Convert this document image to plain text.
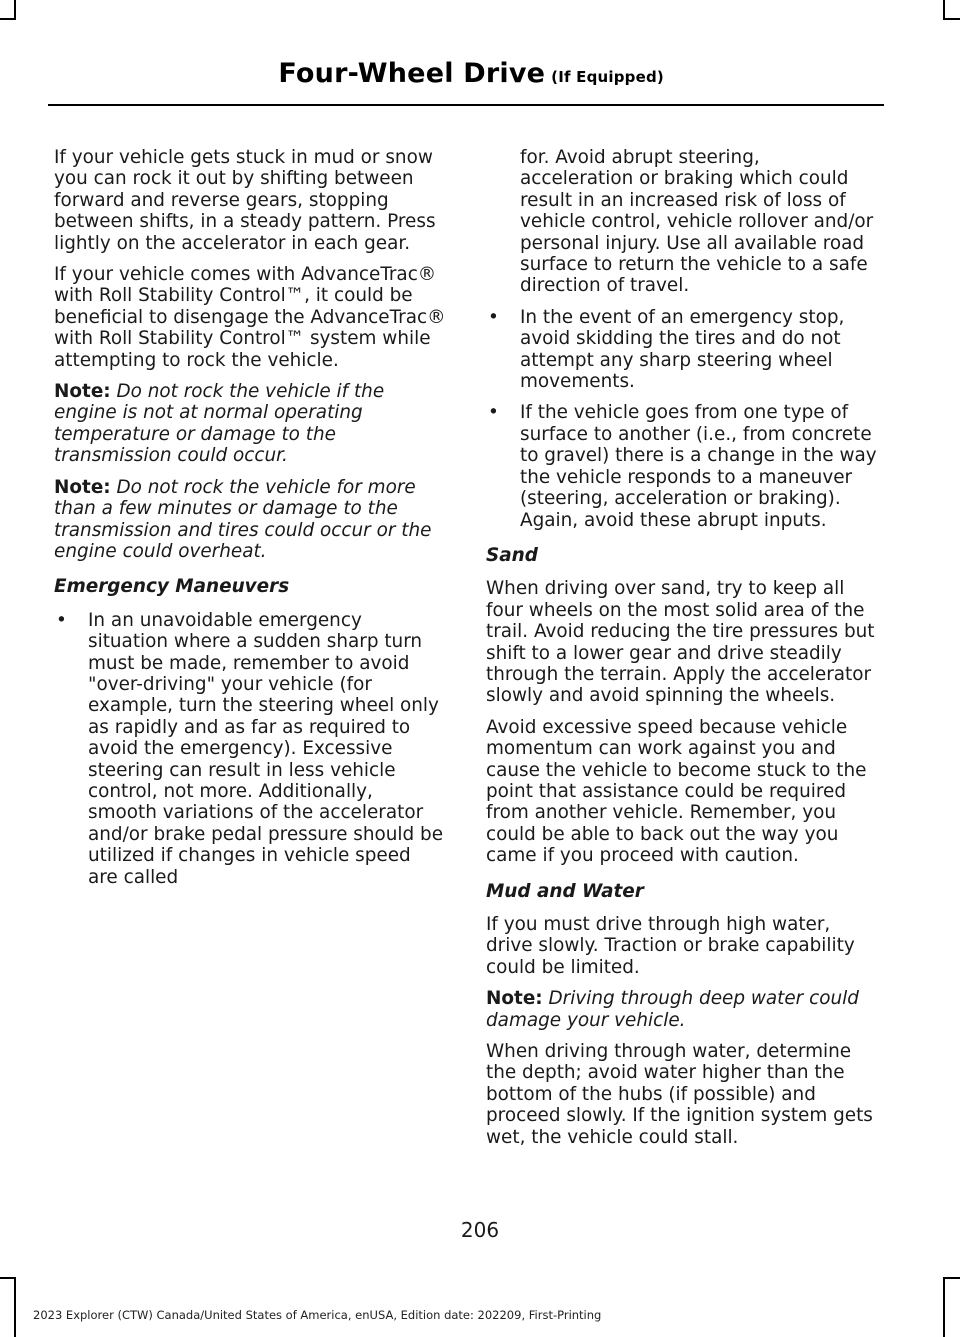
Four-Wheel Drive (If Equipped)

If your vehicle gets stuck in mud or snow you can rock it out by shifting between forward and reverse gears, stopping between shifts, in a steady pattern. Press lightly on the accelerator in each gear.

If your vehicle comes with AdvanceTrac® with Roll Stability Control™, it could be beneficial to disengage the AdvanceTrac® with Roll Stability Control™ system while attempting to rock the vehicle.

Note: Do not rock the vehicle if the engine is not at normal operating temperature or damage to the transmission could occur.

Note: Do not rock the vehicle for more than a few minutes or damage to the transmission and tires could occur or the engine could overheat.

Emergency Maneuvers
• In an unavoidable emergency situation where a sudden sharp turn must be made, remember to avoid "over-driving" your vehicle (for example, turn the steering wheel only as rapidly and as far as required to avoid the emergency). Excessive steering can result in less vehicle control, not more. Additionally, smooth variations of the accelerator and/or brake pedal pressure should be utilized if changes in vehicle speed are called

for. Avoid abrupt steering, acceleration or braking which could result in an increased risk of loss of vehicle control, vehicle rollover and/or personal injury. Use all available road surface to return the vehicle to a safe direction of travel.

• In the event of an emergency stop, avoid skidding the tires and do not attempt any sharp steering wheel movements.
• If the vehicle goes from one type of surface to another (i.e., from concrete to gravel) there is a change in the way the vehicle responds to a maneuver (steering, acceleration or braking). Again, avoid these abrupt inputs.
Sand

When driving over sand, try to keep all four wheels on the most solid area of the trail. Avoid reducing the tire pressures but shift to a lower gear and drive steadily through the terrain. Apply the accelerator slowly and avoid spinning the wheels.

Avoid excessive speed because vehicle momentum can work against you and cause the vehicle to become stuck to the point that assistance could be required from another vehicle. Remember, you could be able to back out the way you came if you proceed with caution.

Mud and Water

If you must drive through high water, drive slowly. Traction or brake capability could be limited.

Note: Driving through deep water could damage your vehicle.

When driving through water, determine the depth; avoid water higher than the bottom of the hubs (if possible) and proceed slowly. If the ignition system gets wet, the vehicle could stall.

206
2023 Explorer (CTW) Canada/United States of America, enUSA, Edition date: 202209, First-Printing
